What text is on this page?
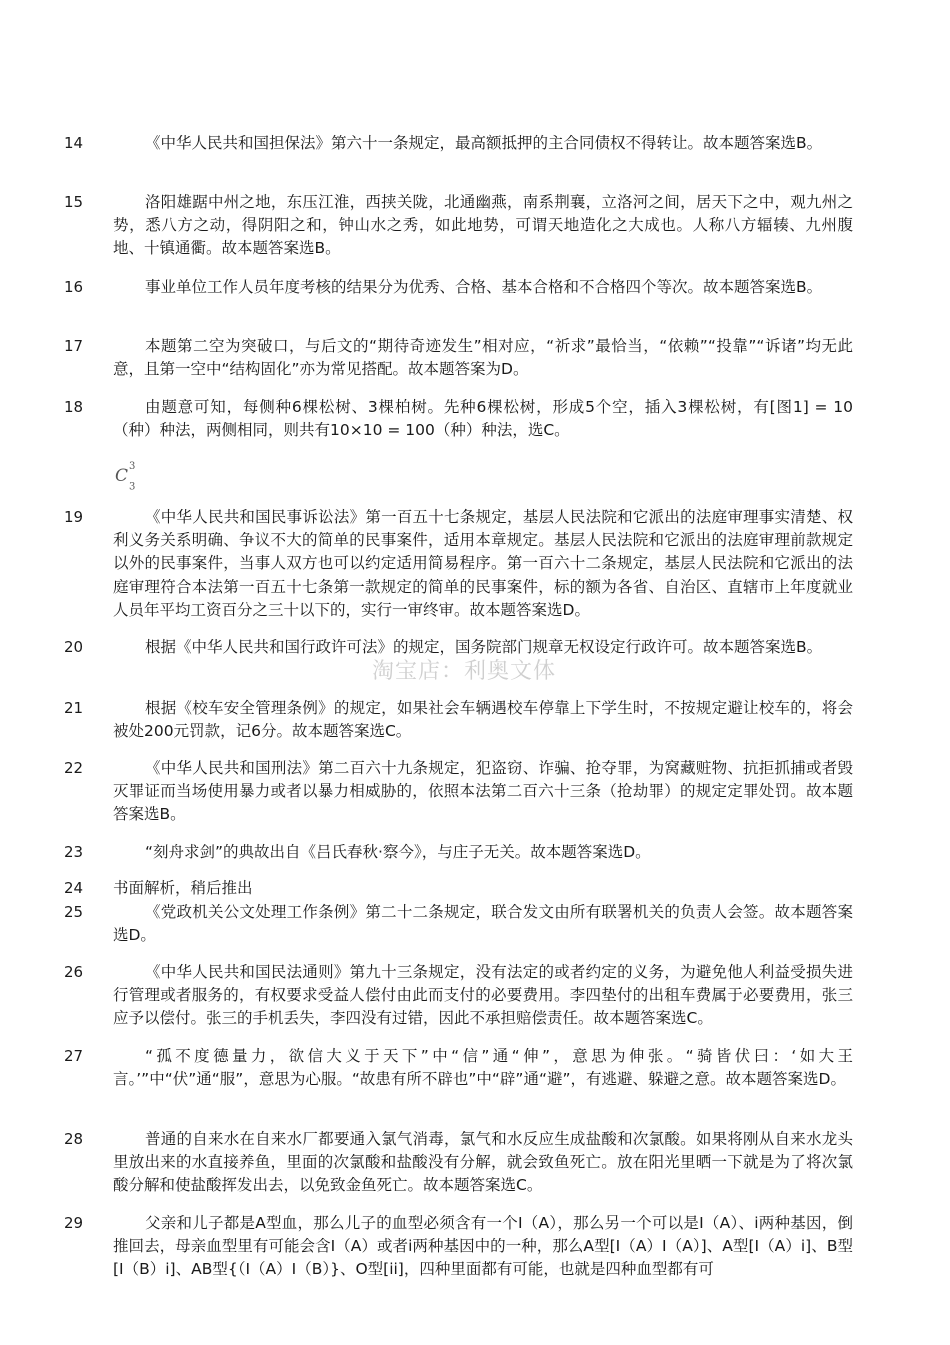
14	《中华人民共和国担保法》第六十一条规定，最高额抵押的主合同债权不得转让。故本题答案选B。
15	洛阳雄踞中州之地，东压江淮，西挟关陇，北通幽燕，南系荆襄，立洛河之间，居天下之中，观九州之势，悉八方之动，得阴阳之和，钟山水之秀，如此地势，可谓天地造化之大成也。人称八方辐辏、九州腹地、十镇通衢。故本题答案选B。
16	事业单位工作人员年度考核的结果分为优秀、合格、基本合格和不合格四个等次。故本题答案选B。
17	本题第二空为突破口，与后文的“期待奇迹发生”相对应，“祈求”最恰当，“依赖”“投靠”“诉诸”均无此意，且第一空中“结构固化”亦为常见搭配。故本题答案为D。
18	由题意可知，每侧种6棵松树、3棵柏树。先种6棵松树，形成5个空，插入3棵松树，有[图1] = 10（种）种法，两侧相同，则共有10×10 = 100（种）种法，选C。
$C^3$
$_3$
19	《中华人民共和国民事诉讼法》第一百五十七条规定，基层人民法院和它派出的法庭审理事实清楚、权利义务关系明确、争议不大的简单的民事案件，适用本章规定。基层人民法院和它派出的法庭审理前款规定以外的民事案件，当事人双方也可以约定适用简易程序。第一百六十二条规定，基层人民法院和它派出的法庭审理符合本法第一百五十七条第一款规定的简单的民事案件，标的额为各省、自治区、直辖市上年度就业人员年平均工资百分之三十以下的，实行一审终审。故本题答案选D。
20	根据《中华人民共和国行政许可法》的规定，国务院部门规章无权设定行政许可。故本题答案选B。
淘宝店：利奥文体
21	根据《校车安全管理条例》的规定，如果社会车辆遇校车停靠上下学生时，不按规定避让校车的，将会被处200元罚款，记6分。故本题答案选C。
22	《中华人民共和国刑法》第二百六十九条规定，犯盗窃、诈骗、抢夺罪，为窝藏赃物、抗拒抓捕或者毁灭罪证而当场使用暴力或者以暴力相威胁的，依照本法第二百六十三条（抢劫罪）的规定定罪处罚。故本题答案选B。
23	“刻舟求剑”的典故出自《吕氏春秋·察今》，与庄子无关。故本题答案选D。
24	书面解析，稍后推出
25	《党政机关公文处理工作条例》第二十二条规定，联合发文由所有联署机关的负责人会签。故本题答案选D。
26	《中华人民共和国民法通则》第九十三条规定，没有法定的或者约定的义务，为避免他人利益受损失进行管理或者服务的，有权要求受益人偿付由此而支付的必要费用。李四垫付的出租车费属于必要费用，张三应予以偿付。张三的手机丢失，李四没有过错，因此不承担赔偿责任。故本题答案选C。
27	“孤不度德量力，欲信大义于天下”中“信”通“伸”，意思为伸张。“骑皆伏曰：‘如大王言。’”中“伏”通“服”，意思为心服。“故患有所不辟也”中“辟”通“避”，有逃避、躲避之意。故本题答案选D。
28	普通的自来水在自来水厂都要通入氯气消毒，氯气和水反应生成盐酸和次氯酸。如果将刚从自来水龙头里放出来的水直接养鱼，里面的次氯酸和盐酸没有分解，就会致鱼死亡。放在阳光里晒一下就是为了将次氯酸分解和使盐酸挥发出去，以免致金鱼死亡。故本题答案选C。
29	父亲和儿子都是A型血，那么儿子的血型必须含有一个I（A），那么另一个可以是I（A）、i两种基因，倒推回去，母亲血型里有可能会含I（A）或者i两种基因中的一种，那么A型[I（A）I（A）]、A型[I（A）i]、B型[I（B）i]、AB型{（I（A）I（B）}、O型[ii]，四种里面都有可能，也就是四种血型都有可
